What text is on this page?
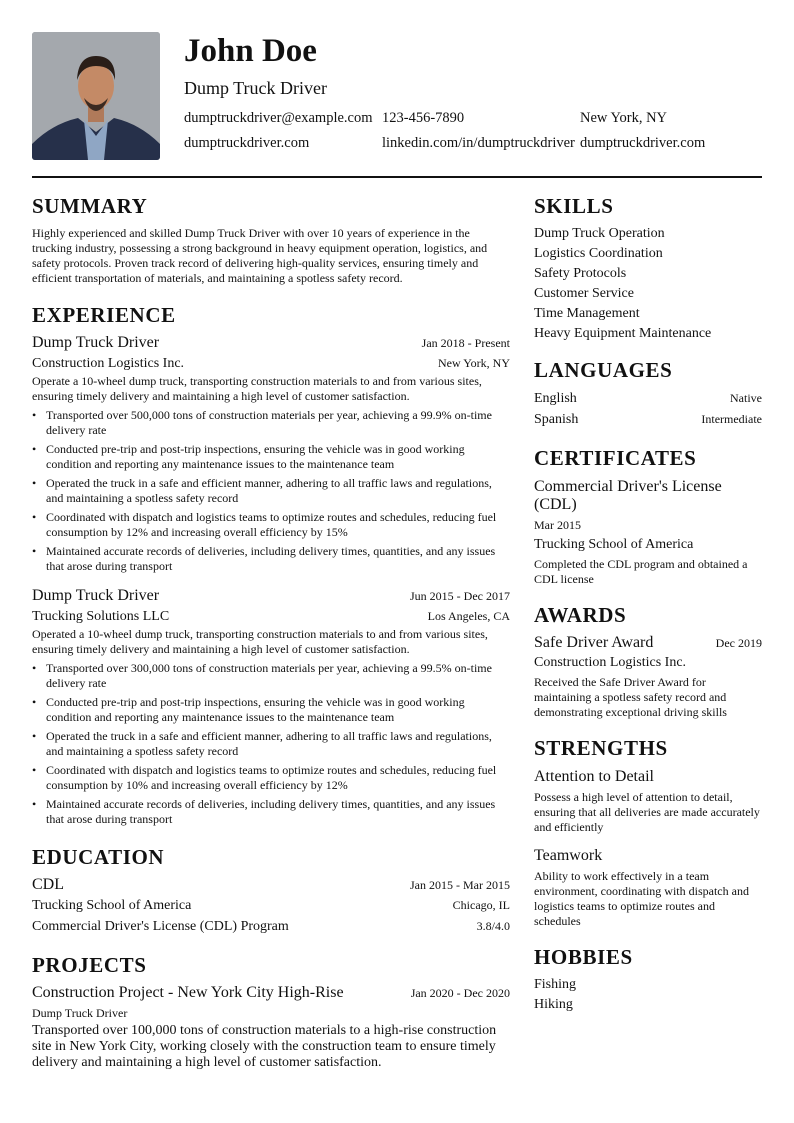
John Doe
Dump Truck Driver
dumptruckdriver@example.com 123-456-7890	New York, NY
dumptruckdriver.com	linkedin.com/in/dumptruckdriver dumptruckdriver.com
SUMMARY
Highly experienced and skilled Dump Truck Driver with over 10 years of experience in the trucking industry, possessing a strong background in heavy equipment operation, logistics, and safety protocols. Proven track record of delivering high-quality services, ensuring timely and efficient transportation of materials, and maintaining a spotless safety record.
EXPERIENCE
Dump Truck Driver	Jan 2018 - Present
Construction Logistics Inc.	New York, NY
Operate a 10-wheel dump truck, transporting construction materials to and from various sites, ensuring timely delivery and maintaining a high level of customer satisfaction.
• Transported over 500,000 tons of construction materials per year, achieving a 99.9% on-time delivery rate
• Conducted pre-trip and post-trip inspections, ensuring the vehicle was in good working condition and reporting any maintenance issues to the maintenance team
• Operated the truck in a safe and efficient manner, adhering to all traffic laws and regulations, and maintaining a spotless safety record
• Coordinated with dispatch and logistics teams to optimize routes and schedules, reducing fuel consumption by 12% and increasing overall efficiency by 15%
• Maintained accurate records of deliveries, including delivery times, quantities, and any issues that arose during transport
Dump Truck Driver	Jun 2015 - Dec 2017
Trucking Solutions LLC	Los Angeles, CA
Operated a 10-wheel dump truck, transporting construction materials to and from various sites, ensuring timely delivery and maintaining a high level of customer satisfaction.
• Transported over 300,000 tons of construction materials per year, achieving a 99.5% on-time delivery rate
• Conducted pre-trip and post-trip inspections, ensuring the vehicle was in good working condition and reporting any maintenance issues to the maintenance team
• Operated the truck in a safe and efficient manner, adhering to all traffic laws and regulations, and maintaining a spotless safety record
• Coordinated with dispatch and logistics teams to optimize routes and schedules, reducing fuel consumption by 10% and increasing overall efficiency by 12%
• Maintained accurate records of deliveries, including delivery times, quantities, and any issues that arose during transport
EDUCATION
CDL	Jan 2015 - Mar 2015
Trucking School of America	Chicago, IL
Commercial Driver's License (CDL) Program	3.8/4.0
PROJECTS
Construction Project - New York City High-Rise	Jan 2020 - Dec 2020
Dump Truck Driver
Transported over 100,000 tons of construction materials to a high-rise construction site in New York City, working closely with the construction team to ensure timely delivery and maintaining a high level of customer satisfaction.
SKILLS
Dump Truck Operation
Logistics Coordination
Safety Protocols
Customer Service
Time Management
Heavy Equipment Maintenance
LANGUAGES
English	Native
Spanish	Intermediate
CERTIFICATES
Commercial Driver's License (CDL)
Mar 2015
Trucking School of America
Completed the CDL program and obtained a CDL license
AWARDS
Safe Driver Award	Dec 2019
Construction Logistics Inc.
Received the Safe Driver Award for maintaining a spotless safety record and demonstrating exceptional driving skills
STRENGTHS
Attention to Detail
Possess a high level of attention to detail, ensuring that all deliveries are made accurately and efficiently
Teamwork
Ability to work effectively in a team environment, coordinating with dispatch and logistics teams to optimize routes and schedules
HOBBIES
Fishing
Hiking
